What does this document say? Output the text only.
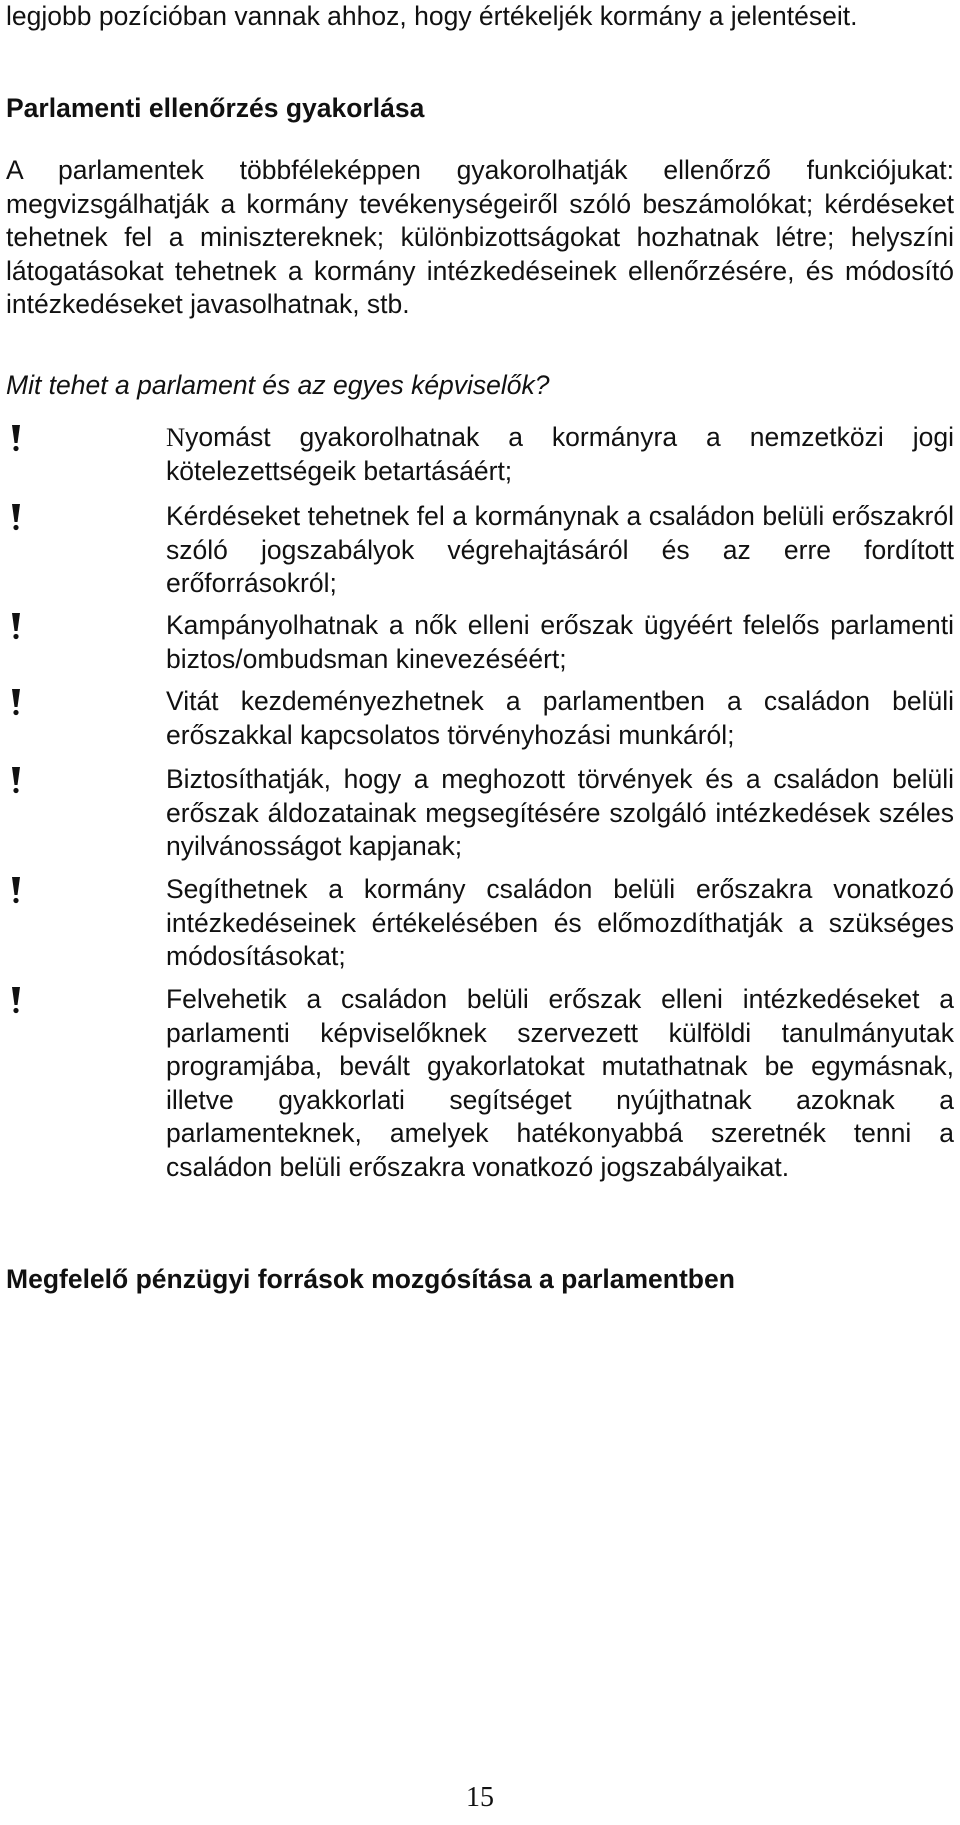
legjobb pozícióban vannak ahhoz, hogy értékeljék kormány a jelentéseit.

Parlamenti ellenőrzés gyakorlása

A parlamentek többféleképpen gyakorolhatják ellenőrző funkciójukat: megvizsgálhatják a kormány tevékenységeiről szóló beszámolókat; kérdéseket tehetnek fel a minisztereknek; különbizottságokat hozhatnak létre; helyszíni látogatásokat tehetnek a kormány intézkedéseinek ellenőrzésére, és módosító intézkedéseket javasolhatnak, stb.

Mit tehet a parlament és az egyes képviselők?

Nyomást gyakorolhatnak a kormányra a nemzetközi jogi kötelezettségeik betartásáért;

Kérdéseket tehetnek fel a kormánynak a családon belüli erőszakról szóló jogszabályok végrehajtásáról és az erre fordított erőforrásokról;

Kampányolhatnak a nők elleni erőszak ügyéért felelős parlamenti biztos/ombudsman kinevezéséért;

Vitát kezdeményezhetnek a parlamentben a családon belüli erőszakkal kapcsolatos törvényhozási munkáról;

Biztosíthatják, hogy a meghozott törvények és a családon belüli erőszak áldozatainak megsegítésére szolgáló intézkedések széles nyilvánosságot kapjanak;

Segíthetnek a kormány családon belüli erőszakra vonatkozó intézkedéseinek értékelésében és előmozdíthatják a szükséges módosításokat;

Felvehetik a családon belüli erőszak elleni intézkedéseket a parlamenti képviselőknek szervezett külföldi tanulmányutak programjába, bevált gyakorlatokat mutathatnak be egymásnak, illetve gyakkorlati segítséget nyújthatnak azoknak a parlamenteknek, amelyek hatékonyabbá szeretnék tenni a családon belüli erőszakra vonatkozó jogszabályaikat.

Megfelelő pénzügyi források mozgósítása a parlamentben

15
